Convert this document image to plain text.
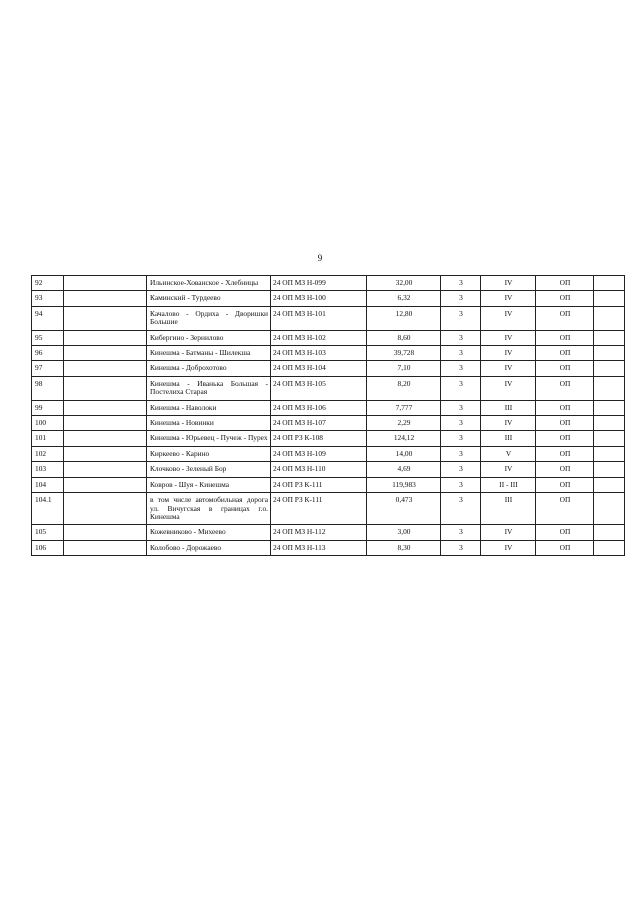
9
92		Ильинское-Хованское - Хлебницы	24 ОП МЗ Н-099	32,00	3	IV	ОП	
93		Каминский - Турдеево	24 ОП МЗ Н-100	6,32	3	IV	ОП	
94		Качалово - Ордиха - Дворишки Большие	24 ОП МЗ Н-101	12,80	3	IV	ОП	
95		Кибергино - Зернилово	24 ОП МЗ Н-102	8,60	3	IV	ОП	
96		Кинешма - Батманы - Шилекша	24 ОП МЗ Н-103	39,728	3	IV	ОП	
97		Кинешма - Доброхотово	24 ОП МЗ Н-104	7,10	3	IV	ОП	
98		Кинешма - Иванька Большая - Постелиха Старая	24 ОП МЗ Н-105	8,20	3	IV	ОП	
99		Кинешма - Наволоки	24 ОП МЗ Н-106	7,777	3	III	ОП	
100		Кинешма - Новинки	24 ОП МЗ Н-107	2,29	3	IV	ОП	
101		Кинешма - Юрьевец - Пучеж - Пурех	24 ОП РЗ К-108	124,12	3	III	ОП	
102		Киркеево - Карино	24 ОП МЗ Н-109	14,00	3	V	ОП	
103		Клочково - Зеленый Бор	24 ОП МЗ Н-110	4,69	3	IV	ОП	
104		Ковров - Шуя - Кинешма	24 ОП РЗ К-111	119,983	3	II - III	ОП	
104.1		в том числе автомобильная дорога ул. Вичугская в границах г.о. Кинешма	24 ОП РЗ К-111	0,473	3	III	ОП	
105		Кожевниково - Михеево	24 ОП МЗ Н-112	3,00	3	IV	ОП	
106		Колобово - Дорожаево	24 ОП МЗ Н-113	8,30	3	IV	ОП	
